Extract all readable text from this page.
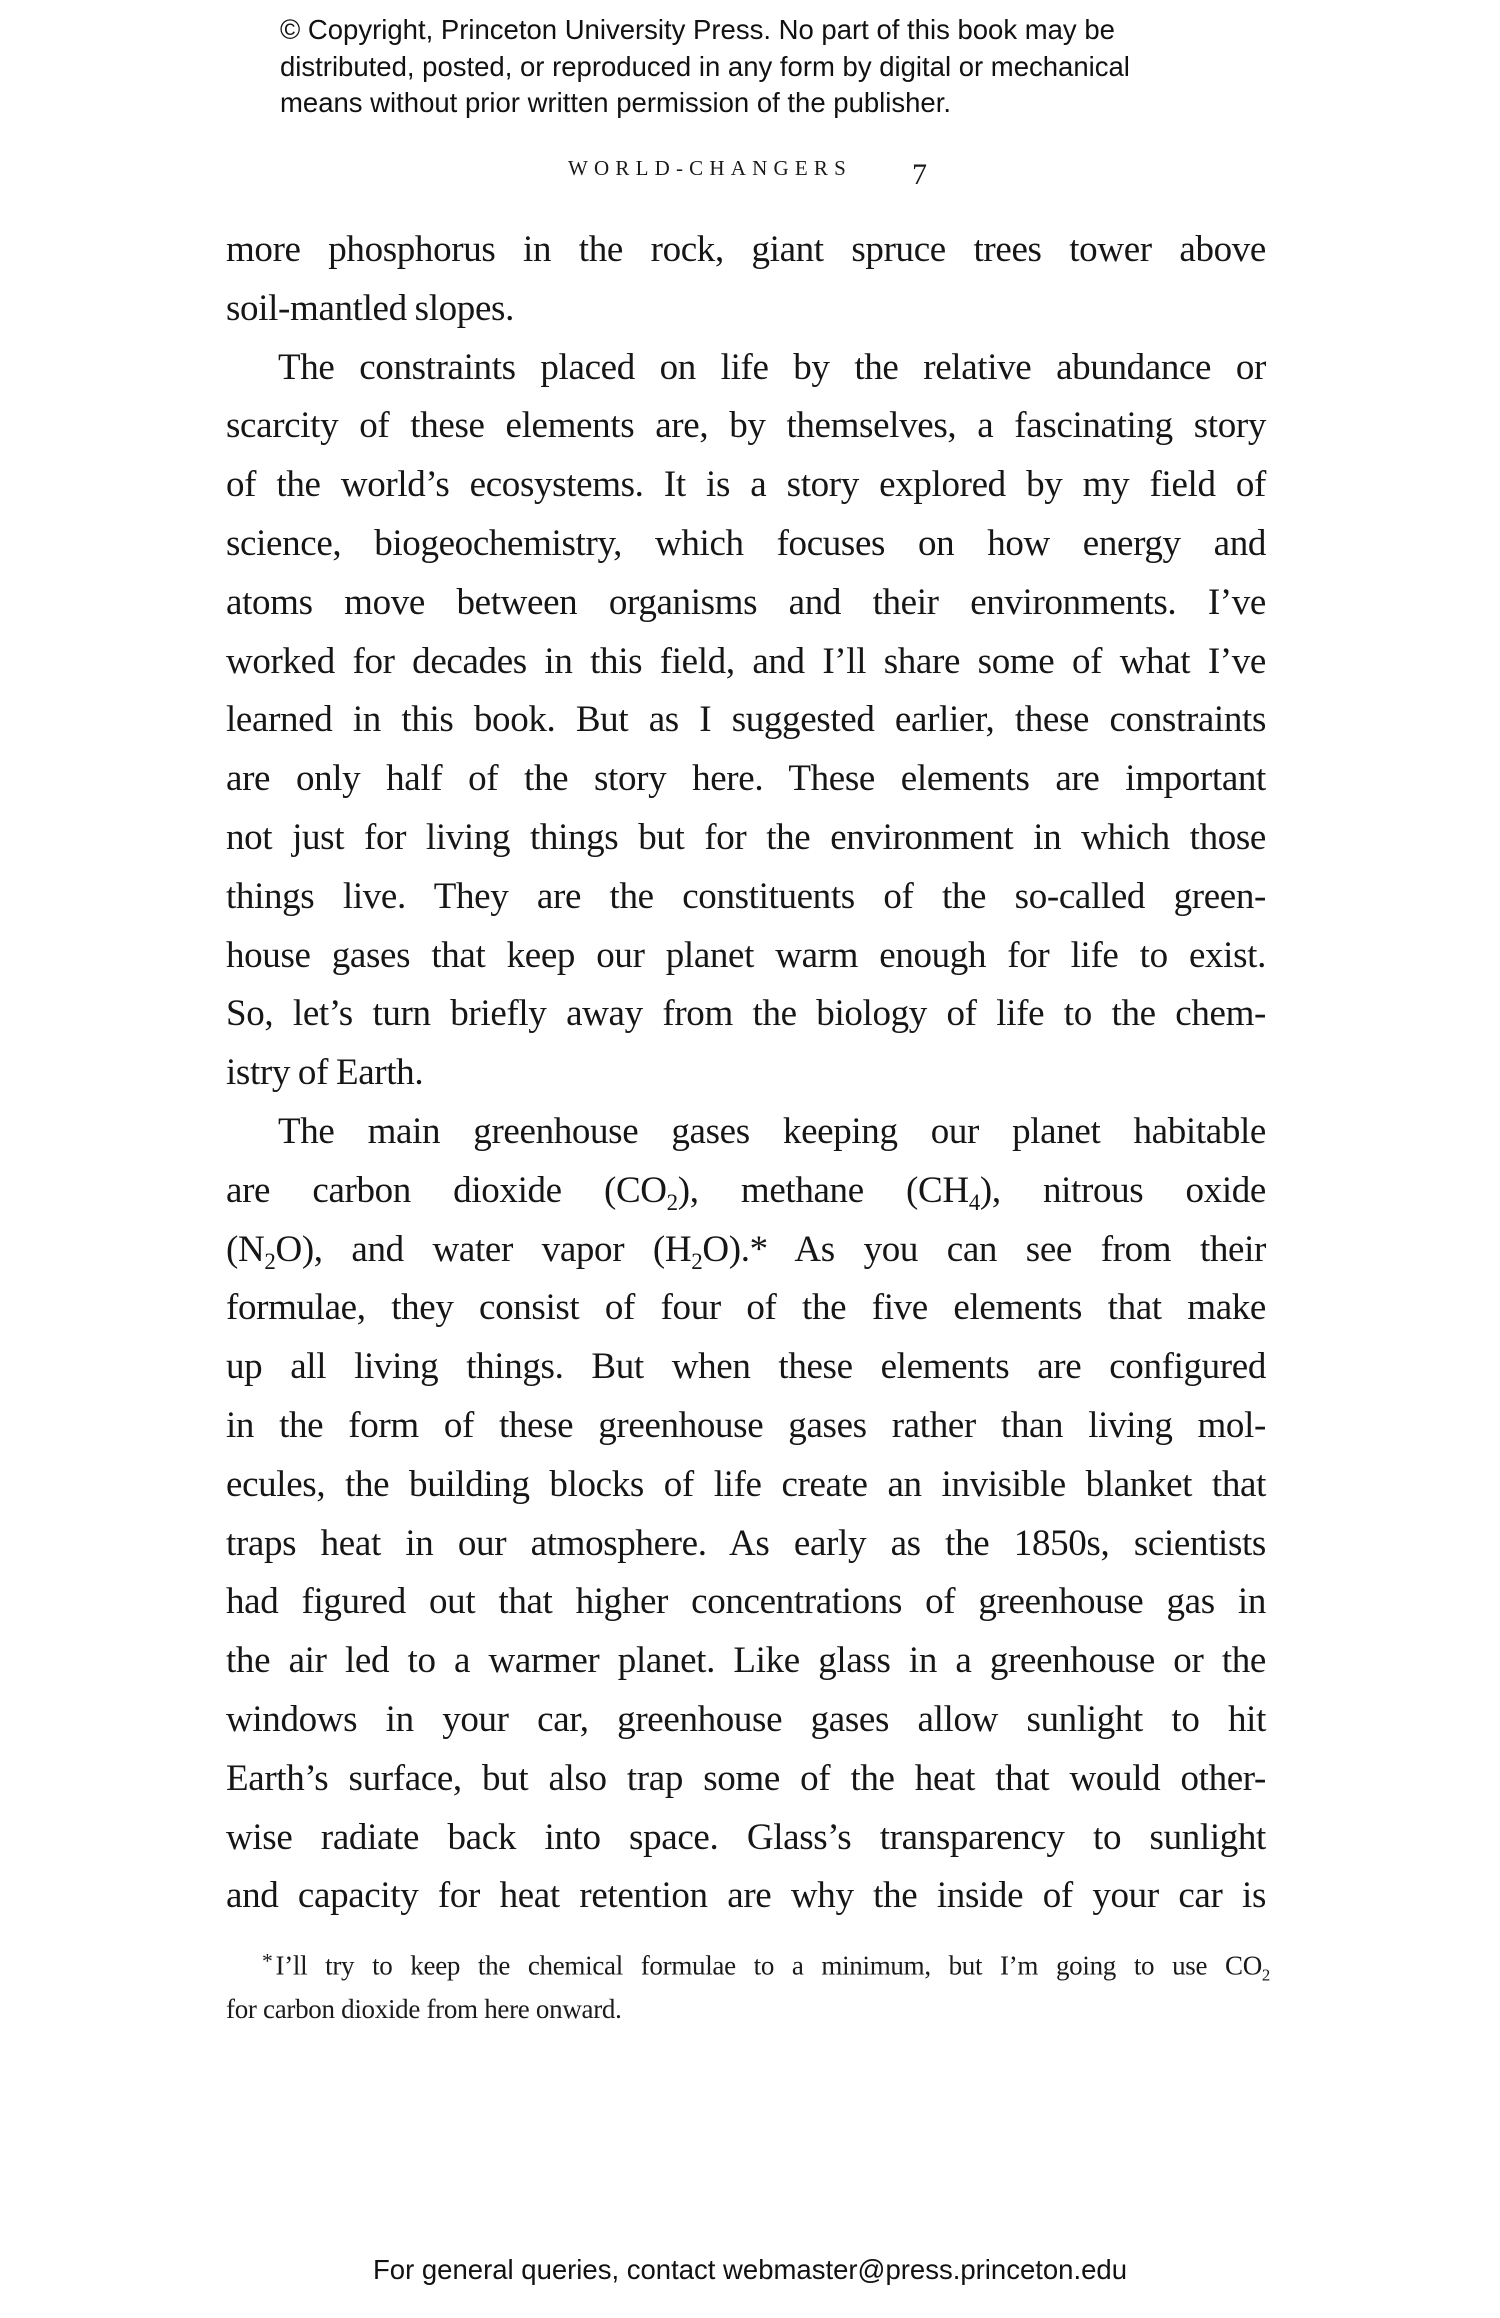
© Copyright, Princeton University Press. No part of this book may be
distributed, posted, or reproduced in any form by digital or mechanical
means without prior written permission of the publisher.
WORLD-CHANGERS 7
more phosphorus in the rock, giant spruce trees tower above
soil-mantled slopes.
The constraints placed on life by the relative abundance or
scarcity of these elements are, by themselves, a fascinating story
of the world’s ecosystems. It is a story explored by my field of
science, biogeochemistry, which focuses on how energy and
atoms move between organisms and their environments. I’ve
worked for decades in this field, and I’ll share some of what I’ve
learned in this book. But as I suggested earlier, these constraints
are only half of the story here. These elements are important
not just for living things but for the environment in which those
things live. They are the constituents of the so-called green-
house gases that keep our planet warm enough for life to exist.
So, let’s turn briefly away from the biology of life to the chem-
istry of Earth.
The main greenhouse gases keeping our planet habitable
are carbon dioxide $(CO_2)$, methane $(CH_4)$, nitrous oxide
$(N_2O)$, and water vapor $(H_2O).*$ As you can see from their
formulae, they consist of four of the five elements that make
up all living things. But when these elements are configured
in the form of these greenhouse gases rather than living mol-
ecules, the building blocks of life create an invisible blanket that
traps heat in our atmosphere. As early as the 1850s, scientists
had figured out that higher concentrations of greenhouse gas in
the air led to a warmer planet. Like glass in a greenhouse or the
windows in your car, greenhouse gases allow sunlight to hit
Earth’s surface, but also trap some of the heat that would other-
wise radiate back into space. Glass’s transparency to sunlight
and capacity for heat retention are why the inside of your car is
* I’ll try to keep the chemical formulae to a minimum, but I’m going to use $CO_2$
for carbon dioxide from here onward.
For general queries, contact webmaster@press.princeton.edu
